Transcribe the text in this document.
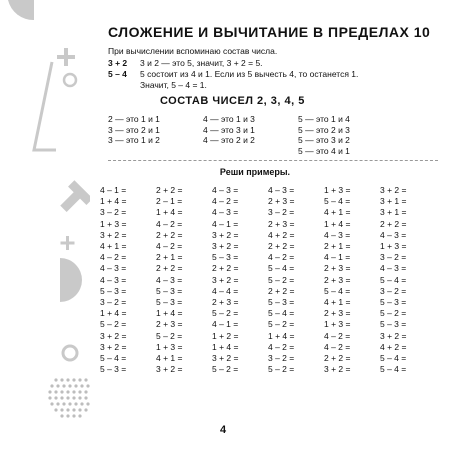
СЛОЖЕНИЕ И ВЫЧИТАНИЕ В ПРЕДЕЛАХ 10
При вычислении вспоминаю состав числа.
3 + 2	3 и 2 — это 5, значит, 3 + 2 = 5.
5 – 4	5 состоит из 4 и 1. Если из 5 вычесть 4, то останется 1.
Значит, 5 – 4 = 1.
СОСТАВ ЧИСЕЛ 2, 3, 4, 5
2 — это 1 и 1
3 — это 2 и 1
3 — это 1 и 2
4 — это 1 и 3
4 — это 3 и 1
4 — это 2 и 2
5 — это 1 и 4
5 — это 2 и 3
5 — это 3 и 2
5 — это 4 и 1
Реши примеры.
4 – 1 =
1 + 4 =
3 – 2 =
1 + 3 =
3 + 2 =
4 + 1 =
4 – 2 =
4 – 3 =
4 – 3 =
5 – 3 =
3 – 2 =
1 + 4 =
5 – 2 =
3 + 2 =
3 + 2 =
5 – 4 =
5 – 3 =
2 + 2 =
2 – 1 =
1 + 4 =
4 – 2 =
2 + 2 =
4 – 2 =
2 + 1 =
2 + 2 =
4 – 3 =
5 – 3 =
5 – 3 =
1 + 4 =
2 + 3 =
5 – 2 =
1 + 3 =
4 + 1 =
3 + 2 =
4 – 3 =
4 – 2 =
4 – 3 =
4 – 1 =
3 + 2 =
3 + 2 =
5 – 3 =
2 + 2 =
3 + 2 =
4 – 4 =
2 + 3 =
5 – 2 =
4 – 1 =
1 + 2 =
1 + 4 =
3 + 2 =
5 – 2 =
4 – 3 =
2 + 3 =
3 – 2 =
2 + 3 =
4 + 2 =
2 + 2 =
4 – 2 =
5 – 4 =
5 – 2 =
2 + 2 =
5 – 3 =
5 – 4 =
5 – 2 =
1 + 4 =
4 – 2 =
3 – 2 =
5 – 2 =
1 + 3 =
5 – 4 =
4 + 1 =
1 + 4 =
4 – 3 =
2 + 1 =
4 – 1 =
2 + 3 =
2 + 3 =
5 – 4 =
4 + 1 =
2 + 3 =
1 + 3 =
4 – 2 =
4 – 2 =
2 + 2 =
3 + 2 =
3 + 2 =
3 + 1 =
3 + 1 =
2 + 2 =
4 – 3 =
1 + 3 =
3 – 2 =
4 – 3 =
5 – 4 =
3 – 2 =
5 – 3 =
5 – 2 =
5 – 3 =
3 + 2 =
4 + 2 =
5 – 4 =
5 – 4 =
4
